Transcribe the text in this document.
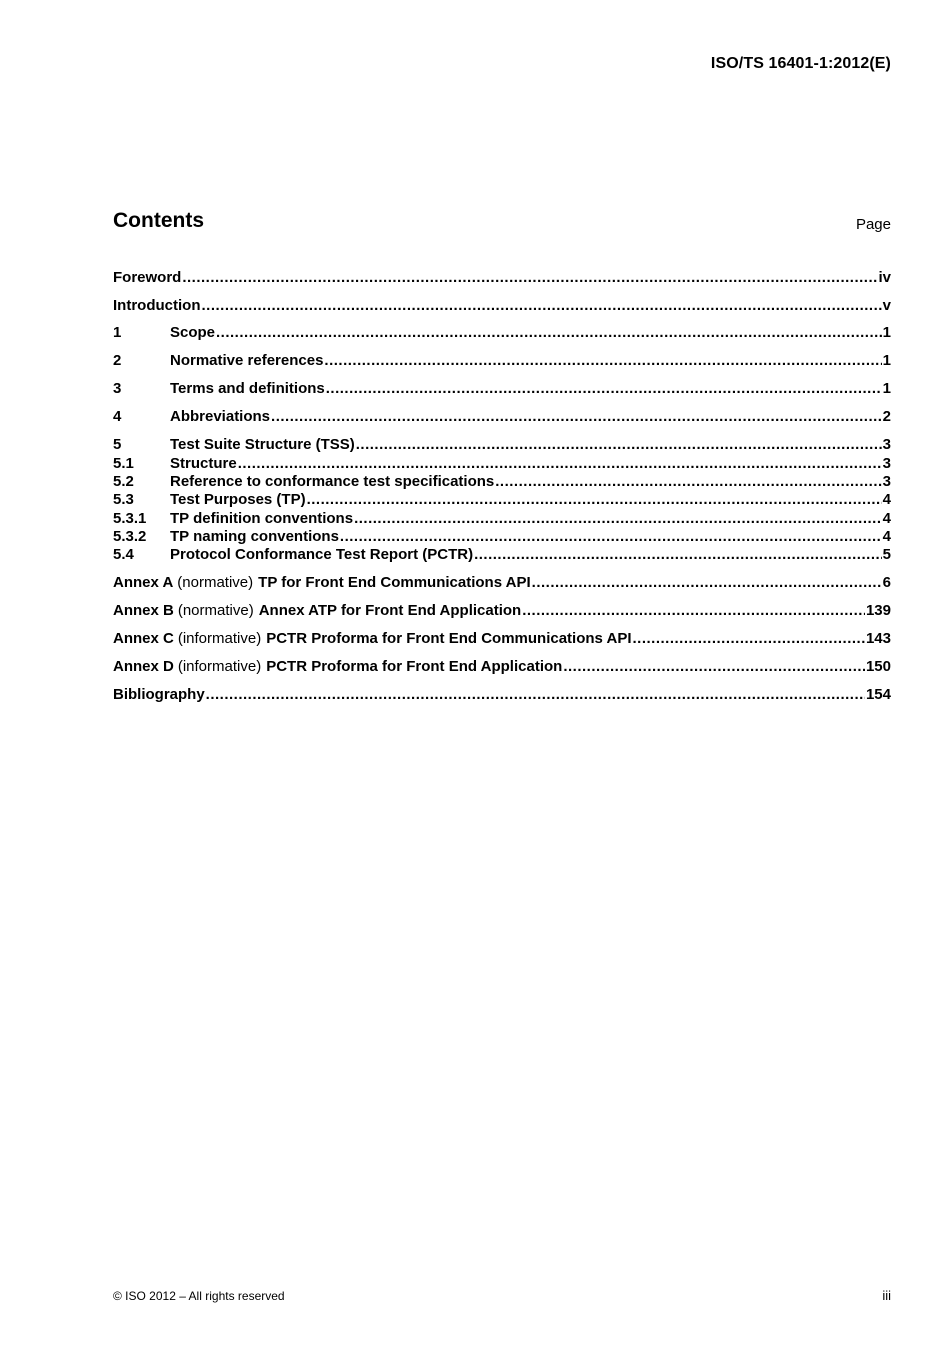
ISO/TS 16401-1:2012(E)
Contents	Page
Foreword .....	iv
Introduction .....	v
1	Scope .....	1
2	Normative references .....	1
3	Terms and definitions .....	1
4	Abbreviations .....	2
5	Test Suite Structure (TSS) .....	3
5.1	Structure .....	3
5.2	Reference to conformance test specifications .....	3
5.3	Test Purposes (TP) .....	4
5.3.1	TP definition conventions .....	4
5.3.2	TP naming conventions .....	4
5.4	Protocol Conformance Test Report (PCTR) .....	5
Annex A (normative) TP for Front End Communications API .....	6
Annex B (normative) Annex ATP for Front End Application .....	139
Annex C (informative) PCTR Proforma for Front End Communications API .....	143
Annex D (informative) PCTR Proforma for Front End Application .....	150
Bibliography .....	154
© ISO 2012 – All rights reserved	iii
